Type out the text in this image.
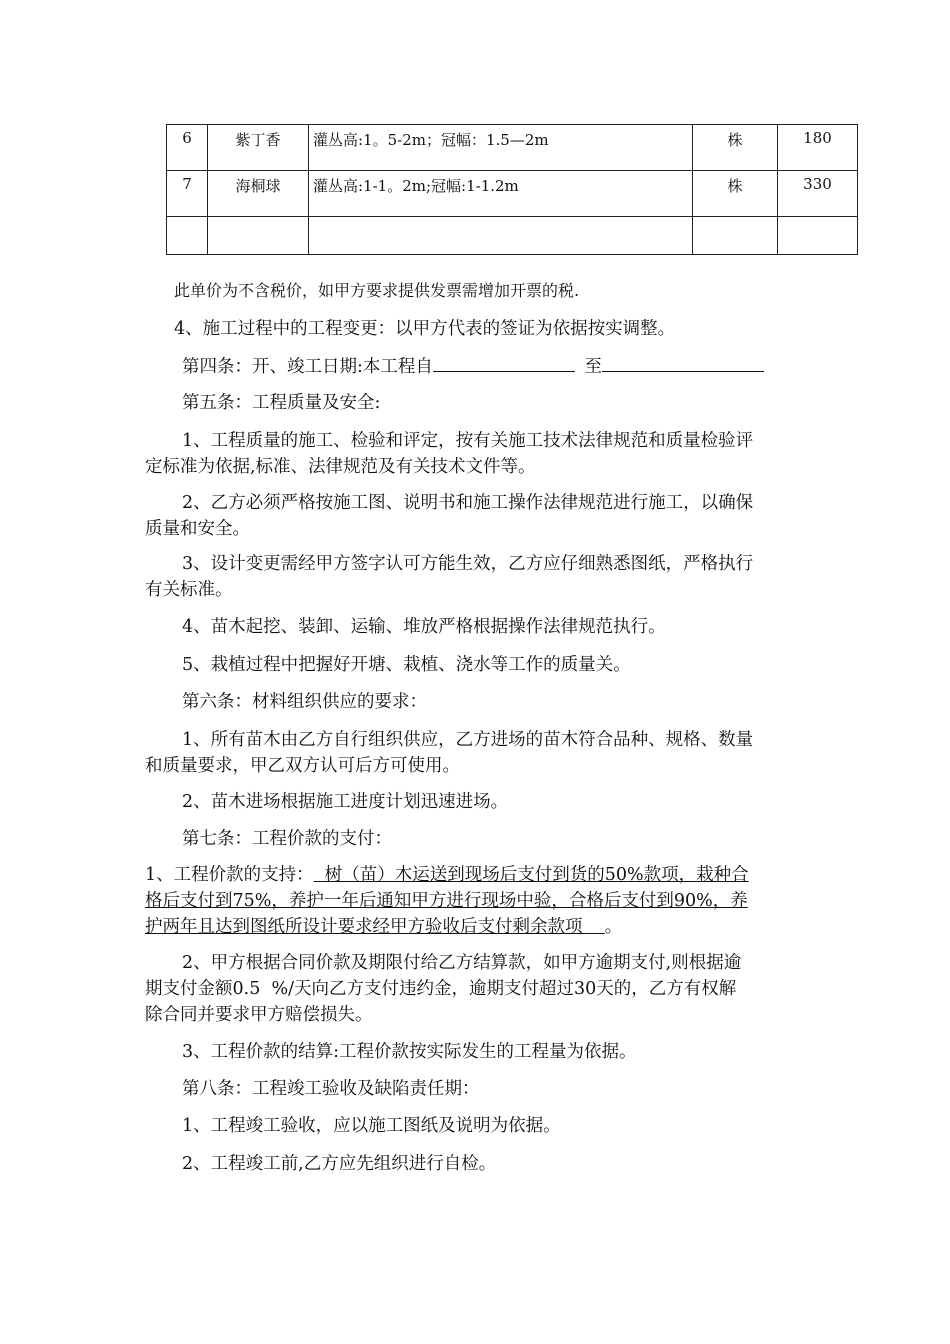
6	紫丁香	灌丛高:1。5-2m；冠幅：1.5—2m	株	180
7	海桐球	灌丛高:1-1。2m;冠幅:1-1.2m	株	330

此单价为不含税价，如甲方要求提供发票需增加开票的税.
4、施工过程中的工程变更：以甲方代表的签证为依据按实调整。
第四条：开、竣工日期:本工程自	至
第五条：工程质量及安全:
1、工程质量的施工、检验和评定，按有关施工技术法律规范和质量检验评
定标准为依据,标准、法律规范及有关技术文件等。
2、乙方必须严格按施工图、说明书和施工操作法律规范进行施工，以确保
质量和安全。
3、设计变更需经甲方签字认可方能生效，乙方应仔细熟悉图纸，严格执行
有关标准。
4、苗木起挖、装卸、运输、堆放严格根据操作法律规范执行。
5、栽植过程中把握好开塘、栽植、浇水等工作的质量关。
第六条：材料组织供应的要求：
1、所有苗木由乙方自行组织供应，乙方进场的苗木符合品种、规格、数量
和质量要求，甲乙双方认可后方可使用。
2、苗木进场根据施工进度计划迅速进场。
第七条：工程价款的支付：
1、工程价款的支持：  树（苗）木运送到现场后支付到货的50%款项，栽种合
格后支付到75%，养护一年后通知甲方进行现场中验，合格后支付到90%，养
护两年且达到图纸所设计要求经甲方验收后支付剩余款项    。
2、甲方根据合同价款及期限付给乙方结算款，如甲方逾期支付,则根据逾
期支付金额0.5  %/天向乙方支付违约金，逾期支付超过30天的，乙方有权解
除合同并要求甲方赔偿损失。
3、工程价款的结算:工程价款按实际发生的工程量为依据。
第八条：工程竣工验收及缺陷责任期：
1、工程竣工验收，应以施工图纸及说明为依据。
2、工程竣工前,乙方应先组织进行自检。
